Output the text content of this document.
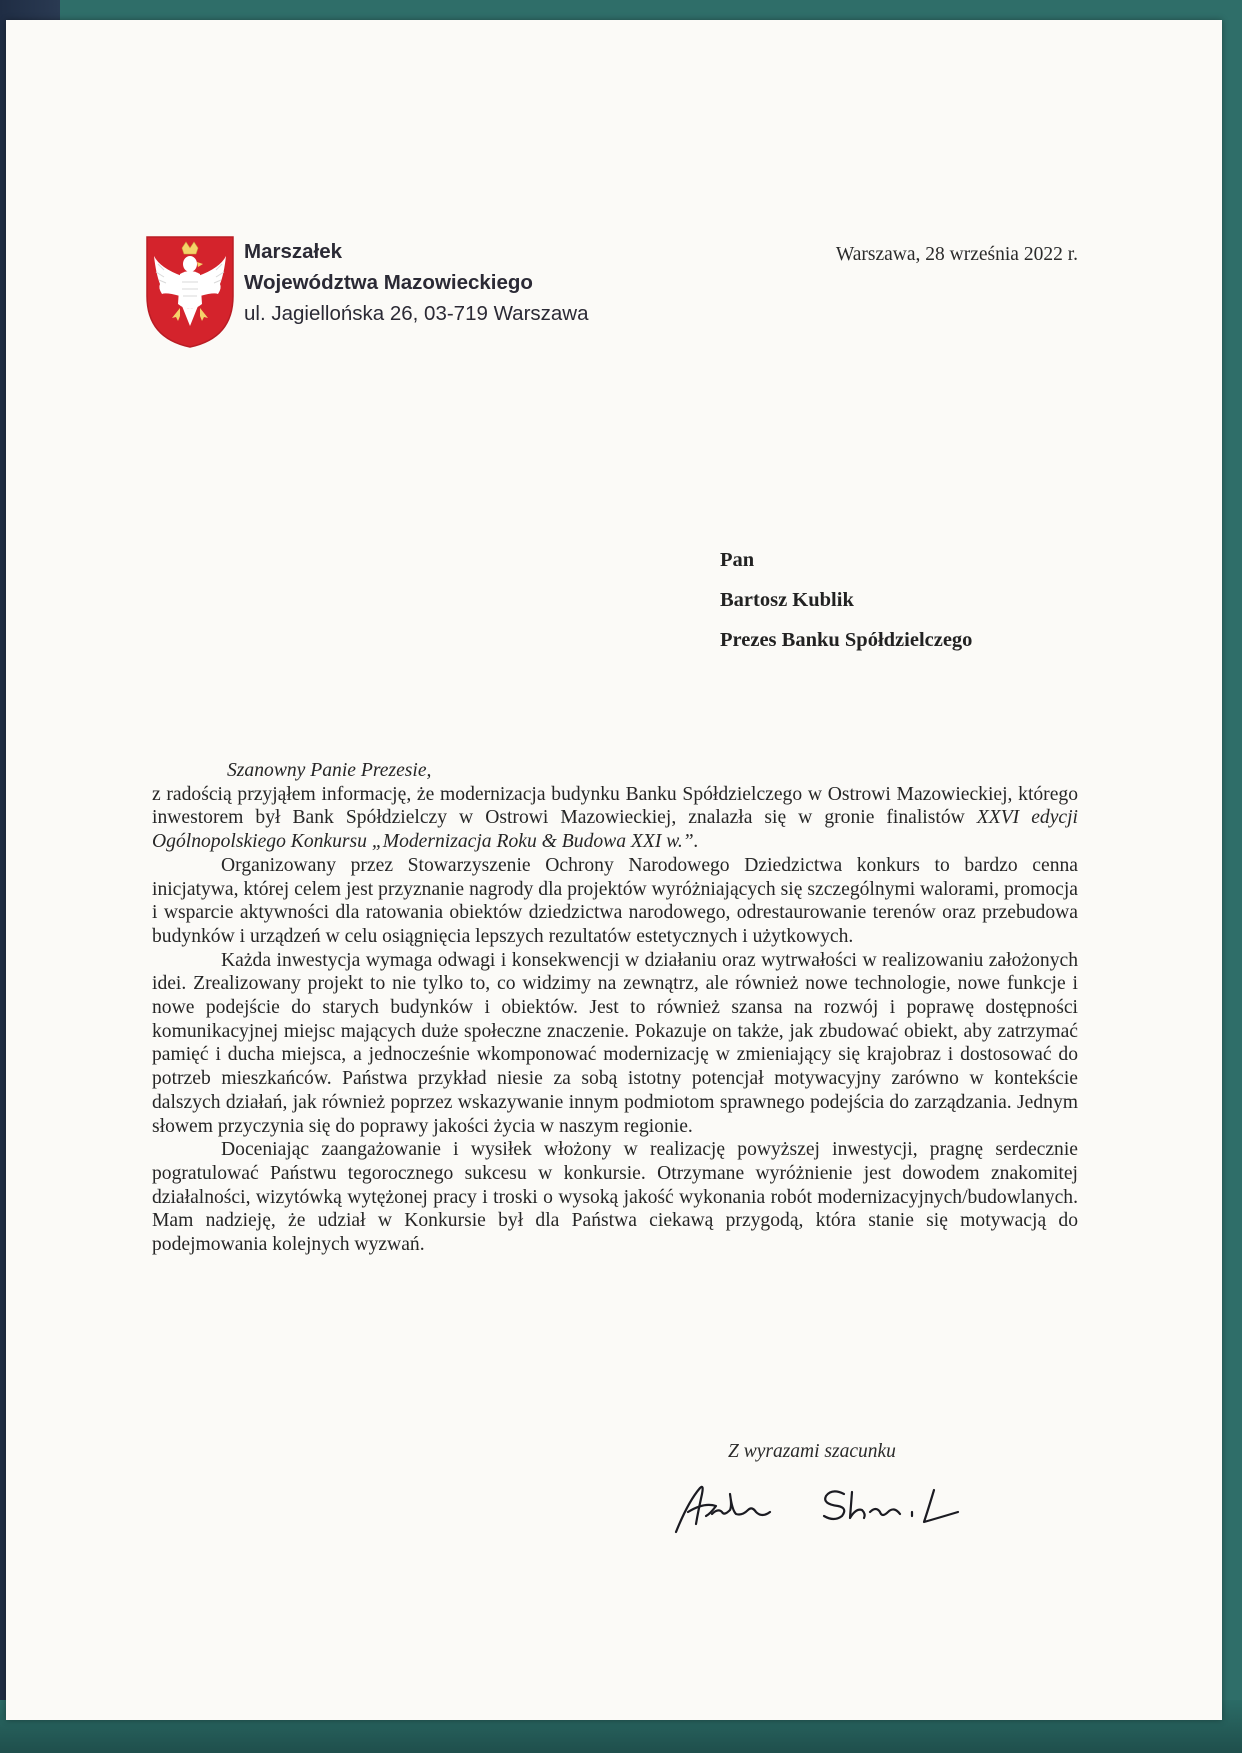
Marszałek
Województwa Mazowieckiego
ul. Jagiellońska 26, 03-719 Warszawa
Warszawa, 28 września 2022 r.
Pan
Bartosz Kublik
Prezes Banku Spółdzielczego

Szanowny Panie Prezesie,

z radością przyjąłem informację, że modernizacja budynku Banku Spółdzielczego w Ostrowi Mazowieckiej, którego inwestorem był Bank Spółdzielczy w Ostrowi Mazowieckiej, znalazła się w gronie finalistów XXVI edycji Ogólnopolskiego Konkursu „Modernizacja Roku & Budowa XXI w.”.

Organizowany przez Stowarzyszenie Ochrony Narodowego Dziedzictwa konkurs to bardzo cenna inicjatywa, której celem jest przyznanie nagrody dla projektów wyróżniających się szczególnymi walorami, promocja i wsparcie aktywności dla ratowania obiektów dziedzictwa narodowego, odrestaurowanie terenów oraz przebudowa budynków i urządzeń w celu osiągnięcia lepszych rezultatów estetycznych i użytkowych.

Każda inwestycja wymaga odwagi i konsekwencji w działaniu oraz wytrwałości w realizowaniu założonych idei. Zrealizowany projekt to nie tylko to, co widzimy na zewnątrz, ale również nowe technologie, nowe funkcje i nowe podejście do starych budynków i obiektów. Jest to również szansa na rozwój i poprawę dostępności komunikacyjnej miejsc mających duże społeczne znaczenie. Pokazuje on także, jak zbudować obiekt, aby zatrzymać pamięć i ducha miejsca, a jednocześnie wkomponować modernizację w zmieniający się krajobraz i dostosować do potrzeb mieszkańców. Państwa przykład niesie za sobą istotny potencjał motywacyjny zarówno w kontekście dalszych działań, jak również poprzez wskazywanie innym podmiotom sprawnego podejścia do zarządzania. Jednym słowem przyczynia się do poprawy jakości życia w naszym regionie.

Doceniając zaangażowanie i wysiłek włożony w realizację powyższej inwestycji, pragnę serdecznie pogratulować Państwu tegorocznego sukcesu w konkursie. Otrzymane wyróżnienie jest dowodem znakomitej działalności, wizytówką wytężonej pracy i troski o wysoką jakość wykonania robót modernizacyjnych/budowlanych. Mam nadzieję, że udział w Konkursie był dla Państwa ciekawą przygodą, która stanie się motywacją do podejmowania kolejnych wyzwań.

Z wyrazami szacunku
